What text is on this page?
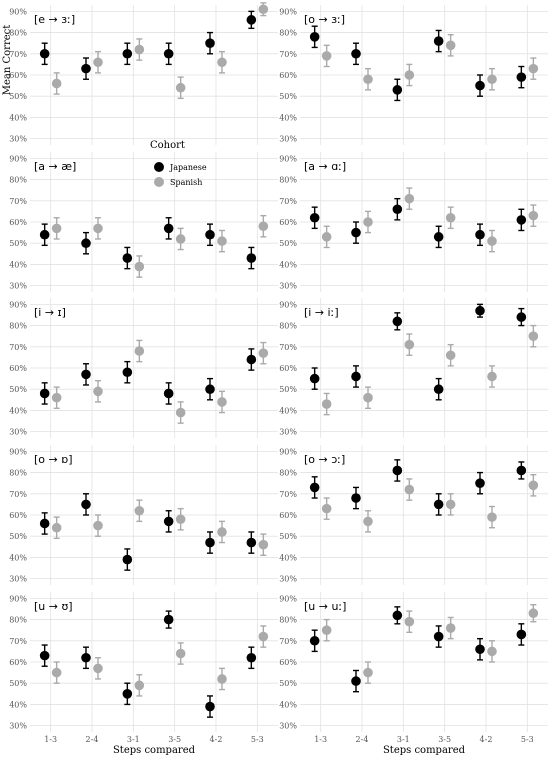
30%
40%
50%
60%
70%
80%
90%
[e → ɜː]
30%
40%
50%
60%
70%
80%
90%
[o → ɜː]
30%
40%
50%
60%
70%
80%
90%
[a → æ]
30%
40%
50%
60%
70%
80%
90%
[a → ɑː]
30%
40%
50%
60%
70%
80%
90%
[i → ɪ]
30%
40%
50%
60%
70%
80%
90%
[i → iː]
30%
40%
50%
60%
70%
80%
90%
[o → ɒ]
30%
40%
50%
60%
70%
80%
90%
[o → ɔː]
30%
40%
50%
60%
70%
80%
90%
[u → ʊ]
30%
40%
50%
60%
70%
80%
90%
[u → uː]
1-3	2-4	3-1	3-5	4-2	5-3
Steps compared
1-3	2-4	3-1	3-5	4-2	5-3
Steps compared
Mean Correct
Cohort
Japanese
Spanish
